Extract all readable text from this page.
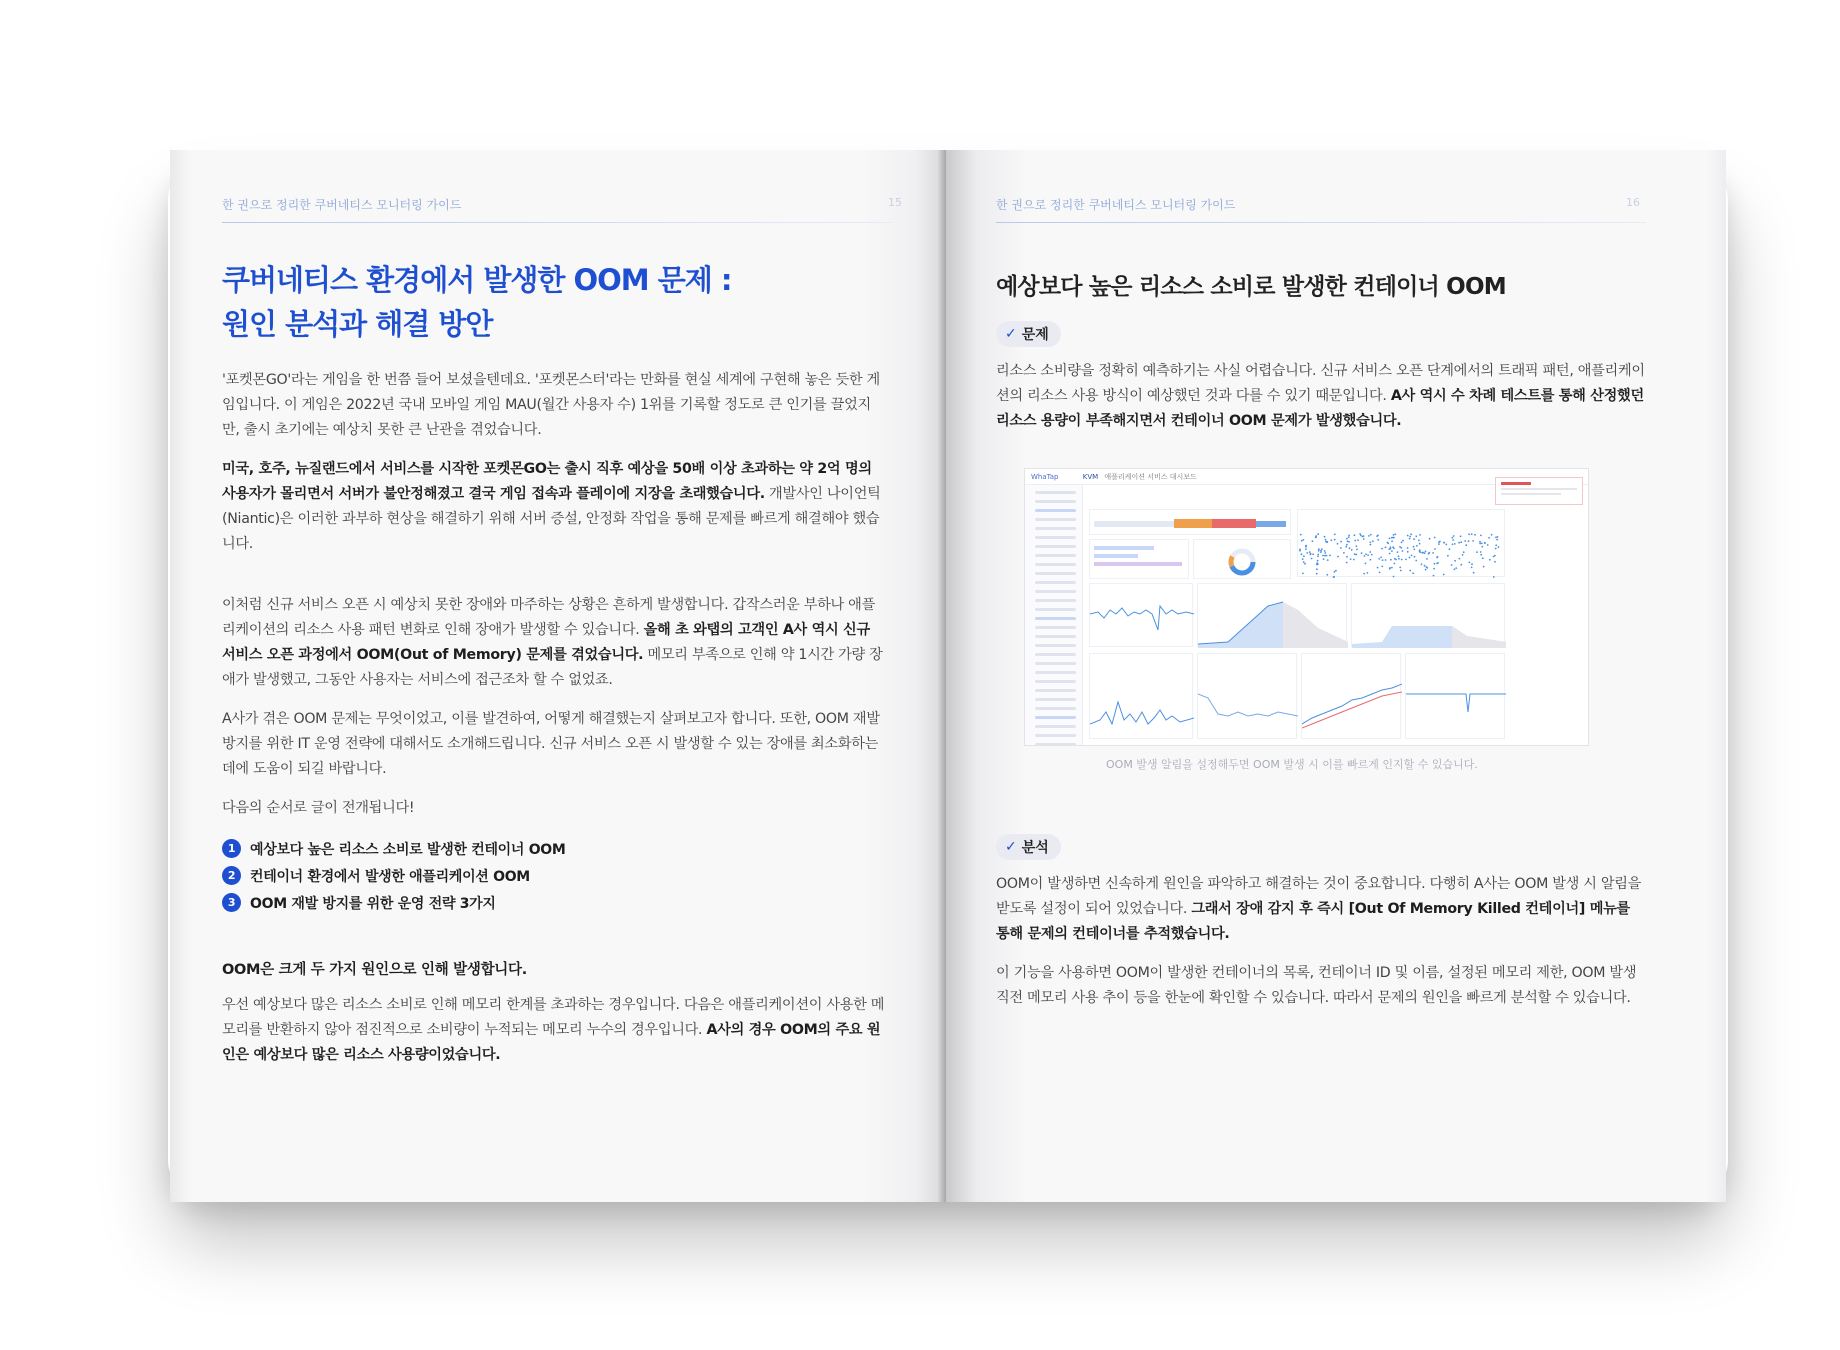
한 권으로 정리한 쿠버네티스 모니터링 가이드	15
쿠버네티스 환경에서 발생한 OOM 문제 :
원인 분석과 해결 방안

'포켓몬GO'라는 게임을 한 번쯤 들어 보셨을텐데요. '포켓몬스터'라는 만화를 현실 세계에 구현해 놓은 듯한 게임입니다. 이 게임은 2022년 국내 모바일 게임 MAU(월간 사용자 수) 1위를 기록할 정도로 큰 인기를 끌었지만, 출시 초기에는 예상치 못한 큰 난관을 겪었습니다.

미국, 호주, 뉴질랜드에서 서비스를 시작한 포켓몬GO는 출시 직후 예상을 50배 이상 초과하는 약 2억 명의 사용자가 몰리면서 서버가 불안정해졌고 결국 게임 접속과 플레이에 지장을 초래했습니다. 개발사인 나이언틱(Niantic)은 이러한 과부하 현상을 해결하기 위해 서버 증설, 안정화 작업을 통해 문제를 빠르게 해결해야 했습니다.

이처럼 신규 서비스 오픈 시 예상치 못한 장애와 마주하는 상황은 흔하게 발생합니다. 갑작스러운 부하나 애플리케이션의 리소스 사용 패턴 변화로 인해 장애가 발생할 수 있습니다. 올해 초 와탭의 고객인 A사 역시 신규 서비스 오픈 과정에서 OOM(Out of Memory) 문제를 겪었습니다. 메모리 부족으로 인해 약 1시간 가량 장애가 발생했고, 그동안 사용자는 서비스에 접근조차 할 수 없었죠.

A사가 겪은 OOM 문제는 무엇이었고, 이를 발견하여, 어떻게 해결했는지 살펴보고자 합니다. 또한, OOM 재발 방지를 위한 IT 운영 전략에 대해서도 소개해드립니다. 신규 서비스 오픈 시 발생할 수 있는 장애를 최소화하는 데에 도움이 되길 바랍니다.

다음의 순서로 글이 전개됩니다!

1	예상보다 높은 리소스 소비로 발생한 컨테이너 OOM
2	컨테이너 환경에서 발생한 애플리케이션 OOM
3	OOM 재발 방지를 위한 운영 전략 3가지
OOM은 크게 두 가지 원인으로 인해 발생합니다.

우선 예상보다 많은 리소스 소비로 인해 메모리 한계를 초과하는 경우입니다. 다음은 애플리케이션이 사용한 메모리를 반환하지 않아 점진적으로 소비량이 누적되는 메모리 누수의 경우입니다. A사의 경우 OOM의 주요 원인은 예상보다 많은 리소스 사용량이었습니다.

한 권으로 정리한 쿠버네티스 모니터링 가이드	16
예상보다 높은 리소스 소비로 발생한 컨테이너 OOM
✓ 문제

리소스 소비량을 정확히 예측하기는 사실 어렵습니다. 신규 서비스 오픈 단계에서의 트래픽 패턴, 애플리케이션의 리소스 사용 방식이 예상했던 것과 다를 수 있기 때문입니다. A사 역시 수 차례 테스트를 통해 산정했던 리소스 용량이 부족해지면서 컨테이너 OOM 문제가 발생했습니다.

WhaTap	KVM 애플리케이션 서비스 대시보드
OOM 발생 알림을 설정해두면 OOM 발생 시 이를 빠르게 인지할 수 있습니다.
✓ 분석

OOM이 발생하면 신속하게 원인을 파악하고 해결하는 것이 중요합니다. 다행히 A사는 OOM 발생 시 알림을 받도록 설정이 되어 있었습니다. 그래서 장애 감지 후 즉시 [Out Of Memory Killed 컨테이너] 메뉴를 통해 문제의 컨테이너를 추적했습니다.

이 기능을 사용하면 OOM이 발생한 컨테이너의 목록, 컨테이너 ID 및 이름, 설정된 메모리 제한, OOM 발생 직전 메모리 사용 추이 등을 한눈에 확인할 수 있습니다. 따라서 문제의 원인을 빠르게 분석할 수 있습니다.
